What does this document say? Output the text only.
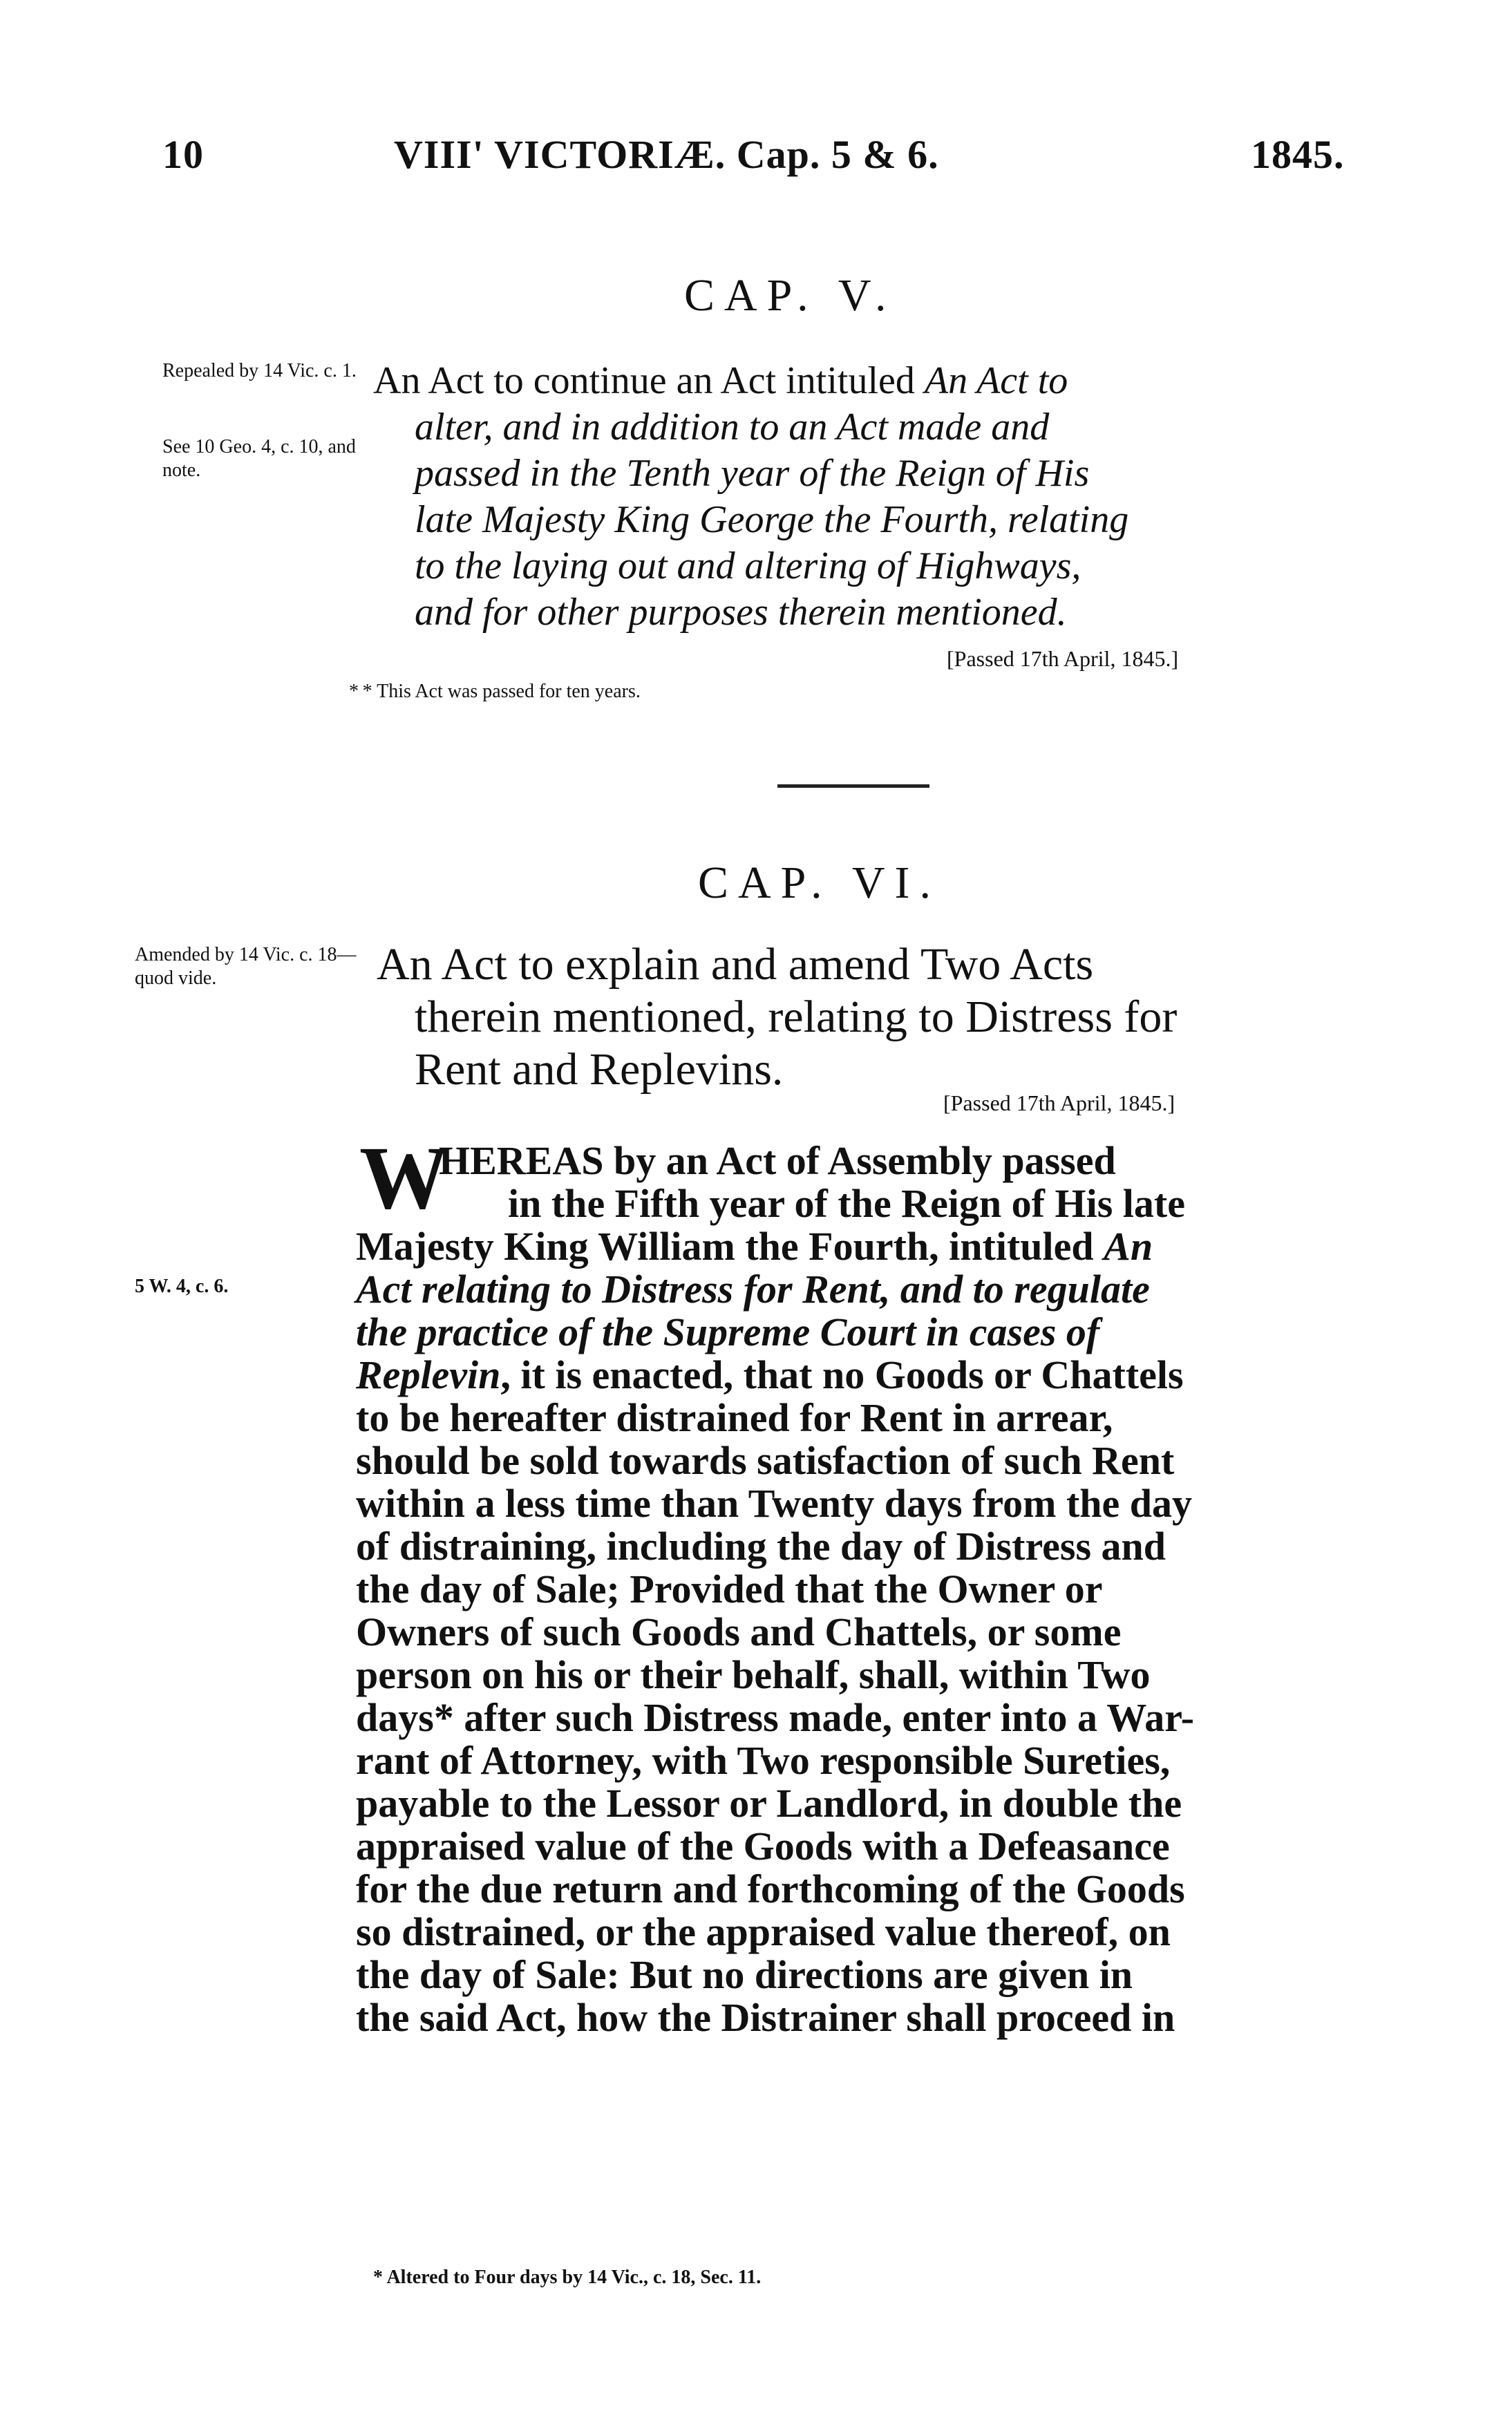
10	VIII' VICTORIÆ. Cap. 5 & 6.	1845.
CAP. V.
Repealed by 14 Vic. c. 1.
See 10 Geo. 4, c. 10, and note.
An Act to continue an Act intituled An Act to
alter, and in addition to an Act made and
passed in the Tenth year of the Reign of His
late Majesty King George the Fourth, relating
to the laying out and altering of Highways,
and for other purposes therein mentioned.
[Passed 17th April, 1845.]
* * This Act was passed for ten years.
CAP. VI.
Amended by 14 Vic. c. 18—quod vide.
5 W. 4, c. 6.
An Act to explain and amend Two Acts
therein mentioned, relating to Distress for
Rent and Replevins.
[Passed 17th April, 1845.]
W
HEREAS by an Act of Assembly passed
in the Fifth year of the Reign of His late
Majesty King William the Fourth, intituled An
Act relating to Distress for Rent, and to regulate
the practice of the Supreme Court in cases of
Replevin, it is enacted, that no Goods or Chattels
to be hereafter distrained for Rent in arrear,
should be sold towards satisfaction of such Rent
within a less time than Twenty days from the day
of distraining, including the day of Distress and
the day of Sale; Provided that the Owner or
Owners of such Goods and Chattels, or some
person on his or their behalf, shall, within Two
days* after such Distress made, enter into a War-
rant of Attorney, with Two responsible Sureties,
payable to the Lessor or Landlord, in double the
appraised value of the Goods with a Defeasance
for the due return and forthcoming of the Goods
so distrained, or the appraised value thereof, on
the day of Sale: But no directions are given in
the said Act, how the Distrainer shall proceed in
* Altered to Four days by 14 Vic., c. 18, Sec. 11.
